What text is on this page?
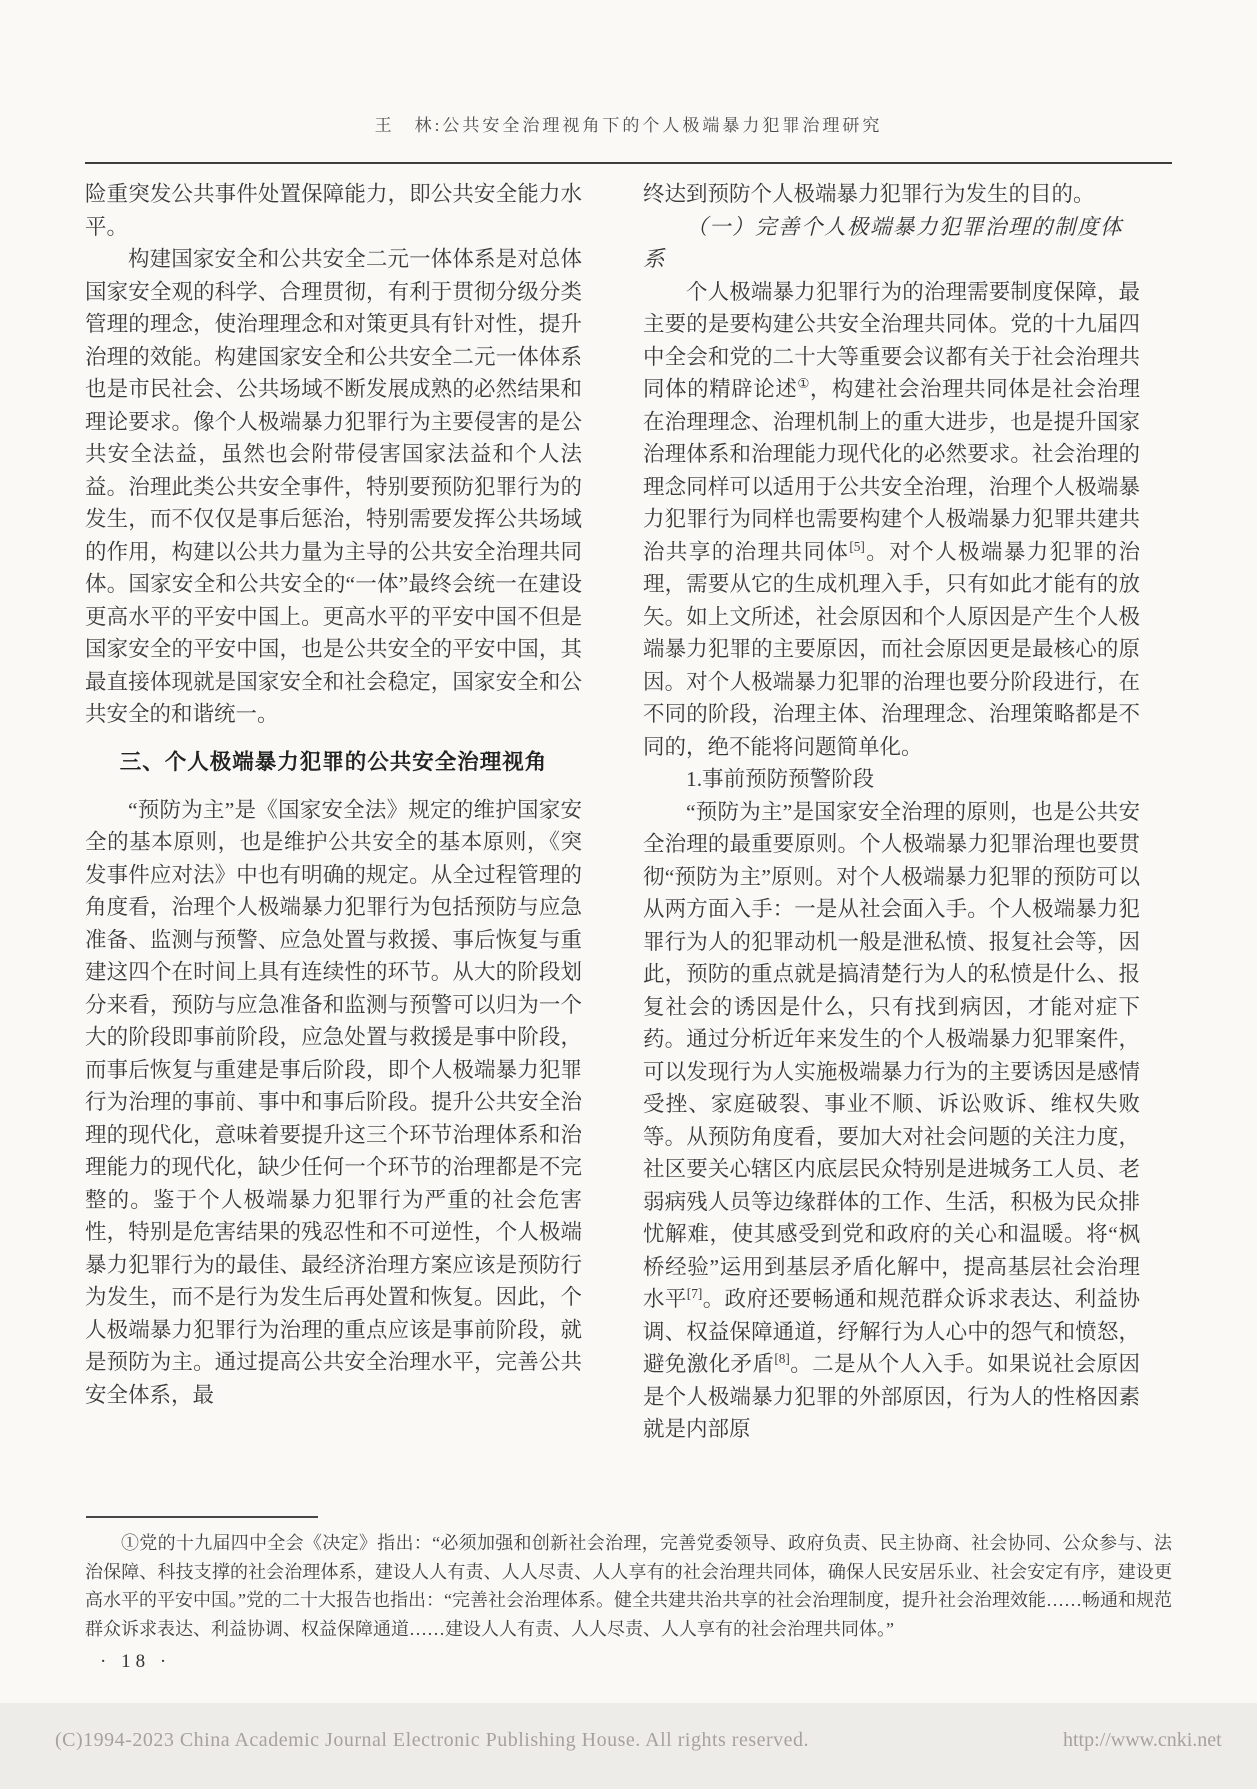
王　林:公共安全治理视角下的个人极端暴力犯罪治理研究

险重突发公共事件处置保障能力，即公共安全能力水平。

构建国家安全和公共安全二元一体体系是对总体国家安全观的科学、合理贯彻，有利于贯彻分级分类管理的理念，使治理理念和对策更具有针对性，提升治理的效能。构建国家安全和公共安全二元一体体系也是市民社会、公共场域不断发展成熟的必然结果和理论要求。像个人极端暴力犯罪行为主要侵害的是公共安全法益，虽然也会附带侵害国家法益和个人法益。治理此类公共安全事件，特别要预防犯罪行为的发生，而不仅仅是事后惩治，特别需要发挥公共场域的作用，构建以公共力量为主导的公共安全治理共同体。国家安全和公共安全的“一体”最终会统一在建设更高水平的平安中国上。更高水平的平安中国不但是国家安全的平安中国，也是公共安全的平安中国，其最直接体现就是国家安全和社会稳定，国家安全和公共安全的和谐统一。

三、个人极端暴力犯罪的公共安全治理视角

“预防为主”是《国家安全法》规定的维护国家安全的基本原则，也是维护公共安全的基本原则，《突发事件应对法》中也有明确的规定。从全过程管理的角度看，治理个人极端暴力犯罪行为包括预防与应急准备、监测与预警、应急处置与救援、事后恢复与重建这四个在时间上具有连续性的环节。从大的阶段划分来看，预防与应急准备和监测与预警可以归为一个大的阶段即事前阶段，应急处置与救援是事中阶段，而事后恢复与重建是事后阶段，即个人极端暴力犯罪行为治理的事前、事中和事后阶段。提升公共安全治理的现代化，意味着要提升这三个环节治理体系和治理能力的现代化，缺少任何一个环节的治理都是不完整的。鉴于个人极端暴力犯罪行为严重的社会危害性，特别是危害结果的残忍性和不可逆性，个人极端暴力犯罪行为的最佳、最经济治理方案应该是预防行为发生，而不是行为发生后再处置和恢复。因此，个人极端暴力犯罪行为治理的重点应该是事前阶段，就是预防为主。通过提高公共安全治理水平，完善公共安全体系，最

终达到预防个人极端暴力犯罪行为发生的目的。

（一）完善个人极端暴力犯罪治理的制度体系

个人极端暴力犯罪行为的治理需要制度保障，最主要的是要构建公共安全治理共同体。党的十九届四中全会和党的二十大等重要会议都有关于社会治理共同体的精辟论述①，构建社会治理共同体是社会治理在治理理念、治理机制上的重大进步，也是提升国家治理体系和治理能力现代化的必然要求。社会治理的理念同样可以适用于公共安全治理，治理个人极端暴力犯罪行为同样也需要构建个人极端暴力犯罪共建共治共享的治理共同体[5]。对个人极端暴力犯罪的治理，需要从它的生成机理入手，只有如此才能有的放矢。如上文所述，社会原因和个人原因是产生个人极端暴力犯罪的主要原因，而社会原因更是最核心的原因。对个人极端暴力犯罪的治理也要分阶段进行，在不同的阶段，治理主体、治理理念、治理策略都是不同的，绝不能将问题简单化。

1.事前预防预警阶段

“预防为主”是国家安全治理的原则，也是公共安全治理的最重要原则。个人极端暴力犯罪治理也要贯彻“预防为主”原则。对个人极端暴力犯罪的预防可以从两方面入手：一是从社会面入手。个人极端暴力犯罪行为人的犯罪动机一般是泄私愤、报复社会等，因此，预防的重点就是搞清楚行为人的私愤是什么、报复社会的诱因是什么，只有找到病因，才能对症下药。通过分析近年来发生的个人极端暴力犯罪案件，可以发现行为人实施极端暴力行为的主要诱因是感情受挫、家庭破裂、事业不顺、诉讼败诉、维权失败等。从预防角度看，要加大对社会问题的关注力度，社区要关心辖区内底层民众特别是进城务工人员、老弱病残人员等边缘群体的工作、生活，积极为民众排忧解难，使其感受到党和政府的关心和温暖。将“枫桥经验”运用到基层矛盾化解中，提高基层社会治理水平[7]。政府还要畅通和规范群众诉求表达、利益协调、权益保障通道，纾解行为人心中的怨气和愤怒，避免激化矛盾[8]。二是从个人入手。如果说社会原因是个人极端暴力犯罪的外部原因，行为人的性格因素就是内部原

①党的十九届四中全会《决定》指出：“必须加强和创新社会治理，完善党委领导、政府负责、民主协商、社会协同、公众参与、法治保障、科技支撑的社会治理体系，建设人人有责、人人尽责、人人享有的社会治理共同体，确保人民安居乐业、社会安定有序，建设更高水平的平安中国。”党的二十大报告也指出：“完善社会治理体系。健全共建共治共享的社会治理制度，提升社会治理效能……畅通和规范群众诉求表达、利益协调、权益保障通道……建设人人有责、人人尽责、人人享有的社会治理共同体。”
· 18 ·
(C)1994-2023 China Academic Journal Electronic Publishing House. All rights reserved.	http://www.cnki.net
